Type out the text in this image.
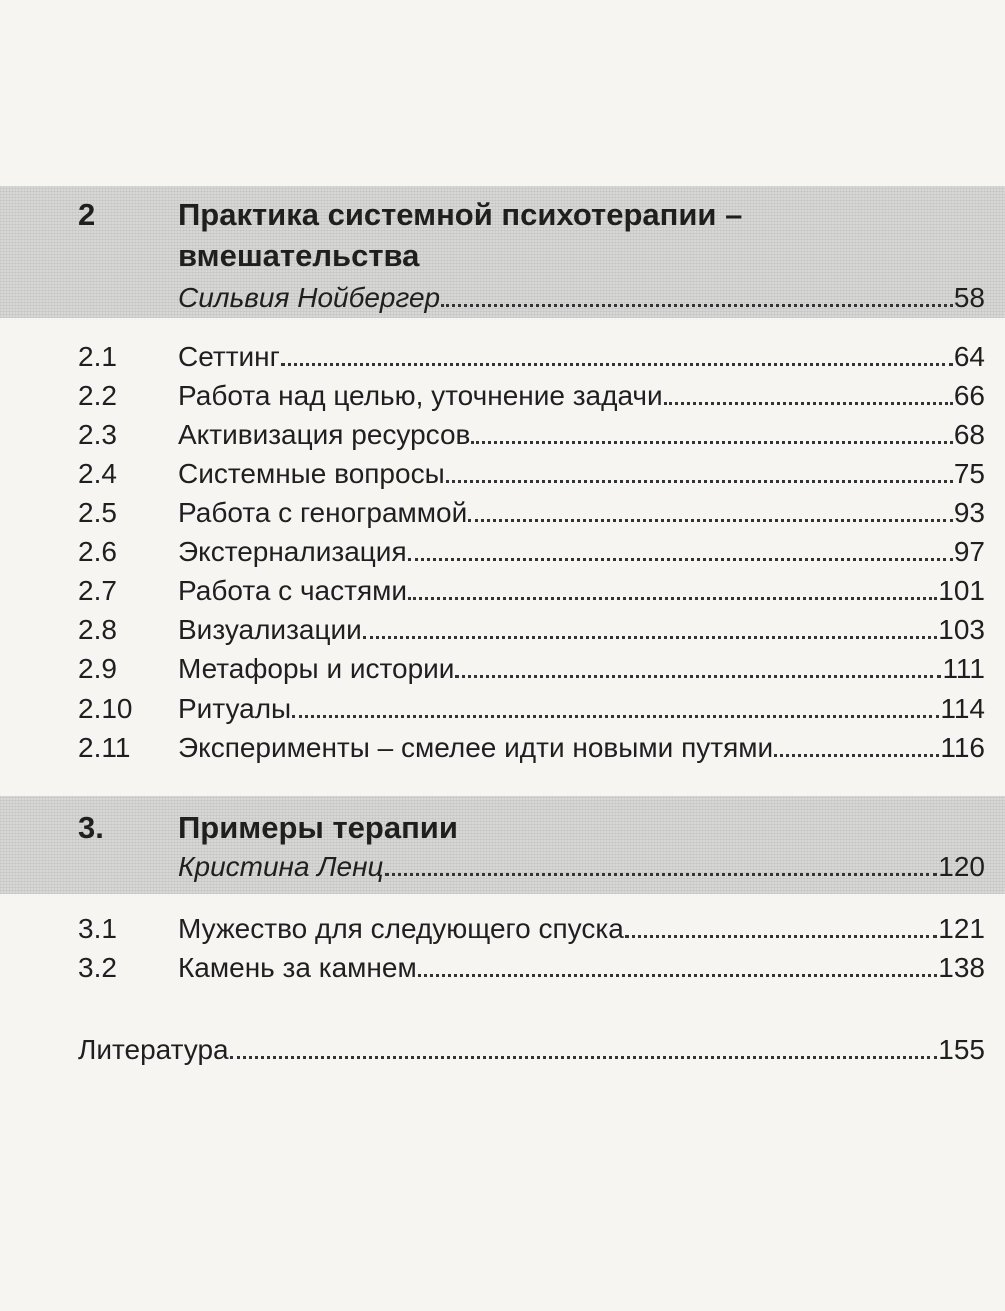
2	Практика системной психотерапии –
вмешательства
Сильвия Нойбергер	58
2.1 Сеттинг	64
2.2 Работа над целью, уточнение задачи	66
2.3 Активизация ресурсов	68
2.4 Системные вопросы	75
2.5 Работа с генограммой	93
2.6 Экстернализация	97
2.7 Работа с частями	101
2.8 Визуализации	103
2.9 Метафоры и истории	111
2.10 Ритуалы	114
2.11 Эксперименты – смелее идти новыми путями	116
3. Примеры терапии
Кристина Ленц	120
3.1 Мужество для следующего спуска	121
3.2 Камень за камнем	138
Литература	155
